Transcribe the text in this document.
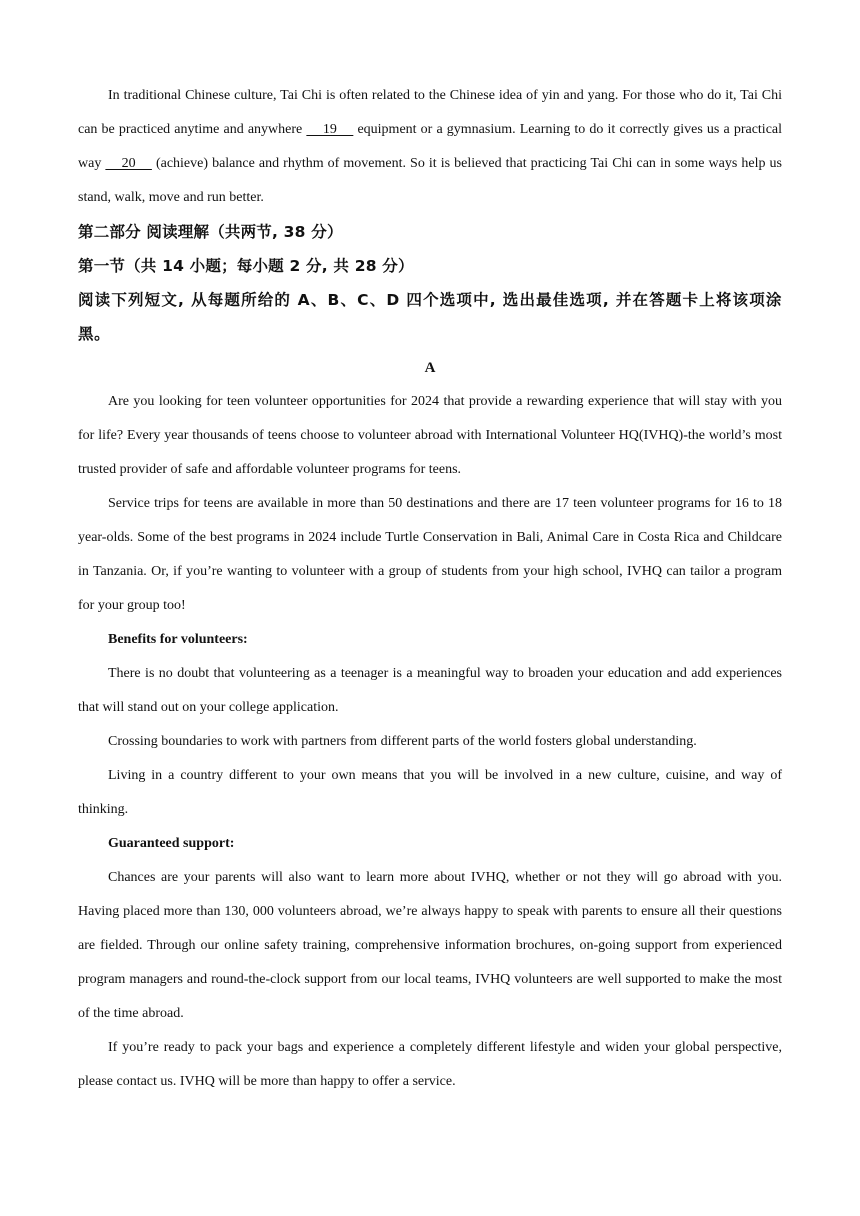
In traditional Chinese culture, Tai Chi is often related to the Chinese idea of yin and yang. For those who do it, Tai Chi can be practiced anytime and anywhere     19     equipment or a gymnasium. Learning to do it correctly gives us a practical way     20     (achieve) balance and rhythm of movement. So it is believed that practicing Tai Chi can in some ways help us stand, walk, move and run better.

第二部分 阅读理解（共两节, 38 分）

第一节（共 14 小题；每小题 2 分, 共 28 分）

阅读下列短文, 从每题所给的 A、B、C、D 四个选项中, 选出最佳选项, 并在答题卡上将该项涂黑。

A

Are you looking for teen volunteer opportunities for 2024 that provide a rewarding experience that will stay with you for life? Every year thousands of teens choose to volunteer abroad with International Volunteer HQ(IVHQ)-the world’s most trusted provider of safe and affordable volunteer programs for teens.

Service trips for teens are available in more than 50 destinations and there are 17 teen volunteer programs for 16 to 18 year-olds. Some of the best programs in 2024 include Turtle Conservation in Bali, Animal Care in Costa Rica and Childcare in Tanzania. Or, if you’re wanting to volunteer with a group of students from your high school, IVHQ can tailor a program for your group too!

Benefits for volunteers:

There is no doubt that volunteering as a teenager is a meaningful way to broaden your education and add experiences that will stand out on your college application.

Crossing boundaries to work with partners from different parts of the world fosters global understanding.

Living in a country different to your own means that you will be involved in a new culture, cuisine, and way of thinking.

Guaranteed support:

Chances are your parents will also want to learn more about IVHQ, whether or not they will go abroad with you. Having placed more than 130, 000 volunteers abroad, we’re always happy to speak with parents to ensure all their questions are fielded. Through our online safety training, comprehensive information brochures, on-going support from experienced program managers and round-the-clock support from our local teams, IVHQ volunteers are well supported to make the most of the time abroad.

If you’re ready to pack your bags and experience a completely different lifestyle and widen your global perspective, please contact us. IVHQ will be more than happy to offer a service.
